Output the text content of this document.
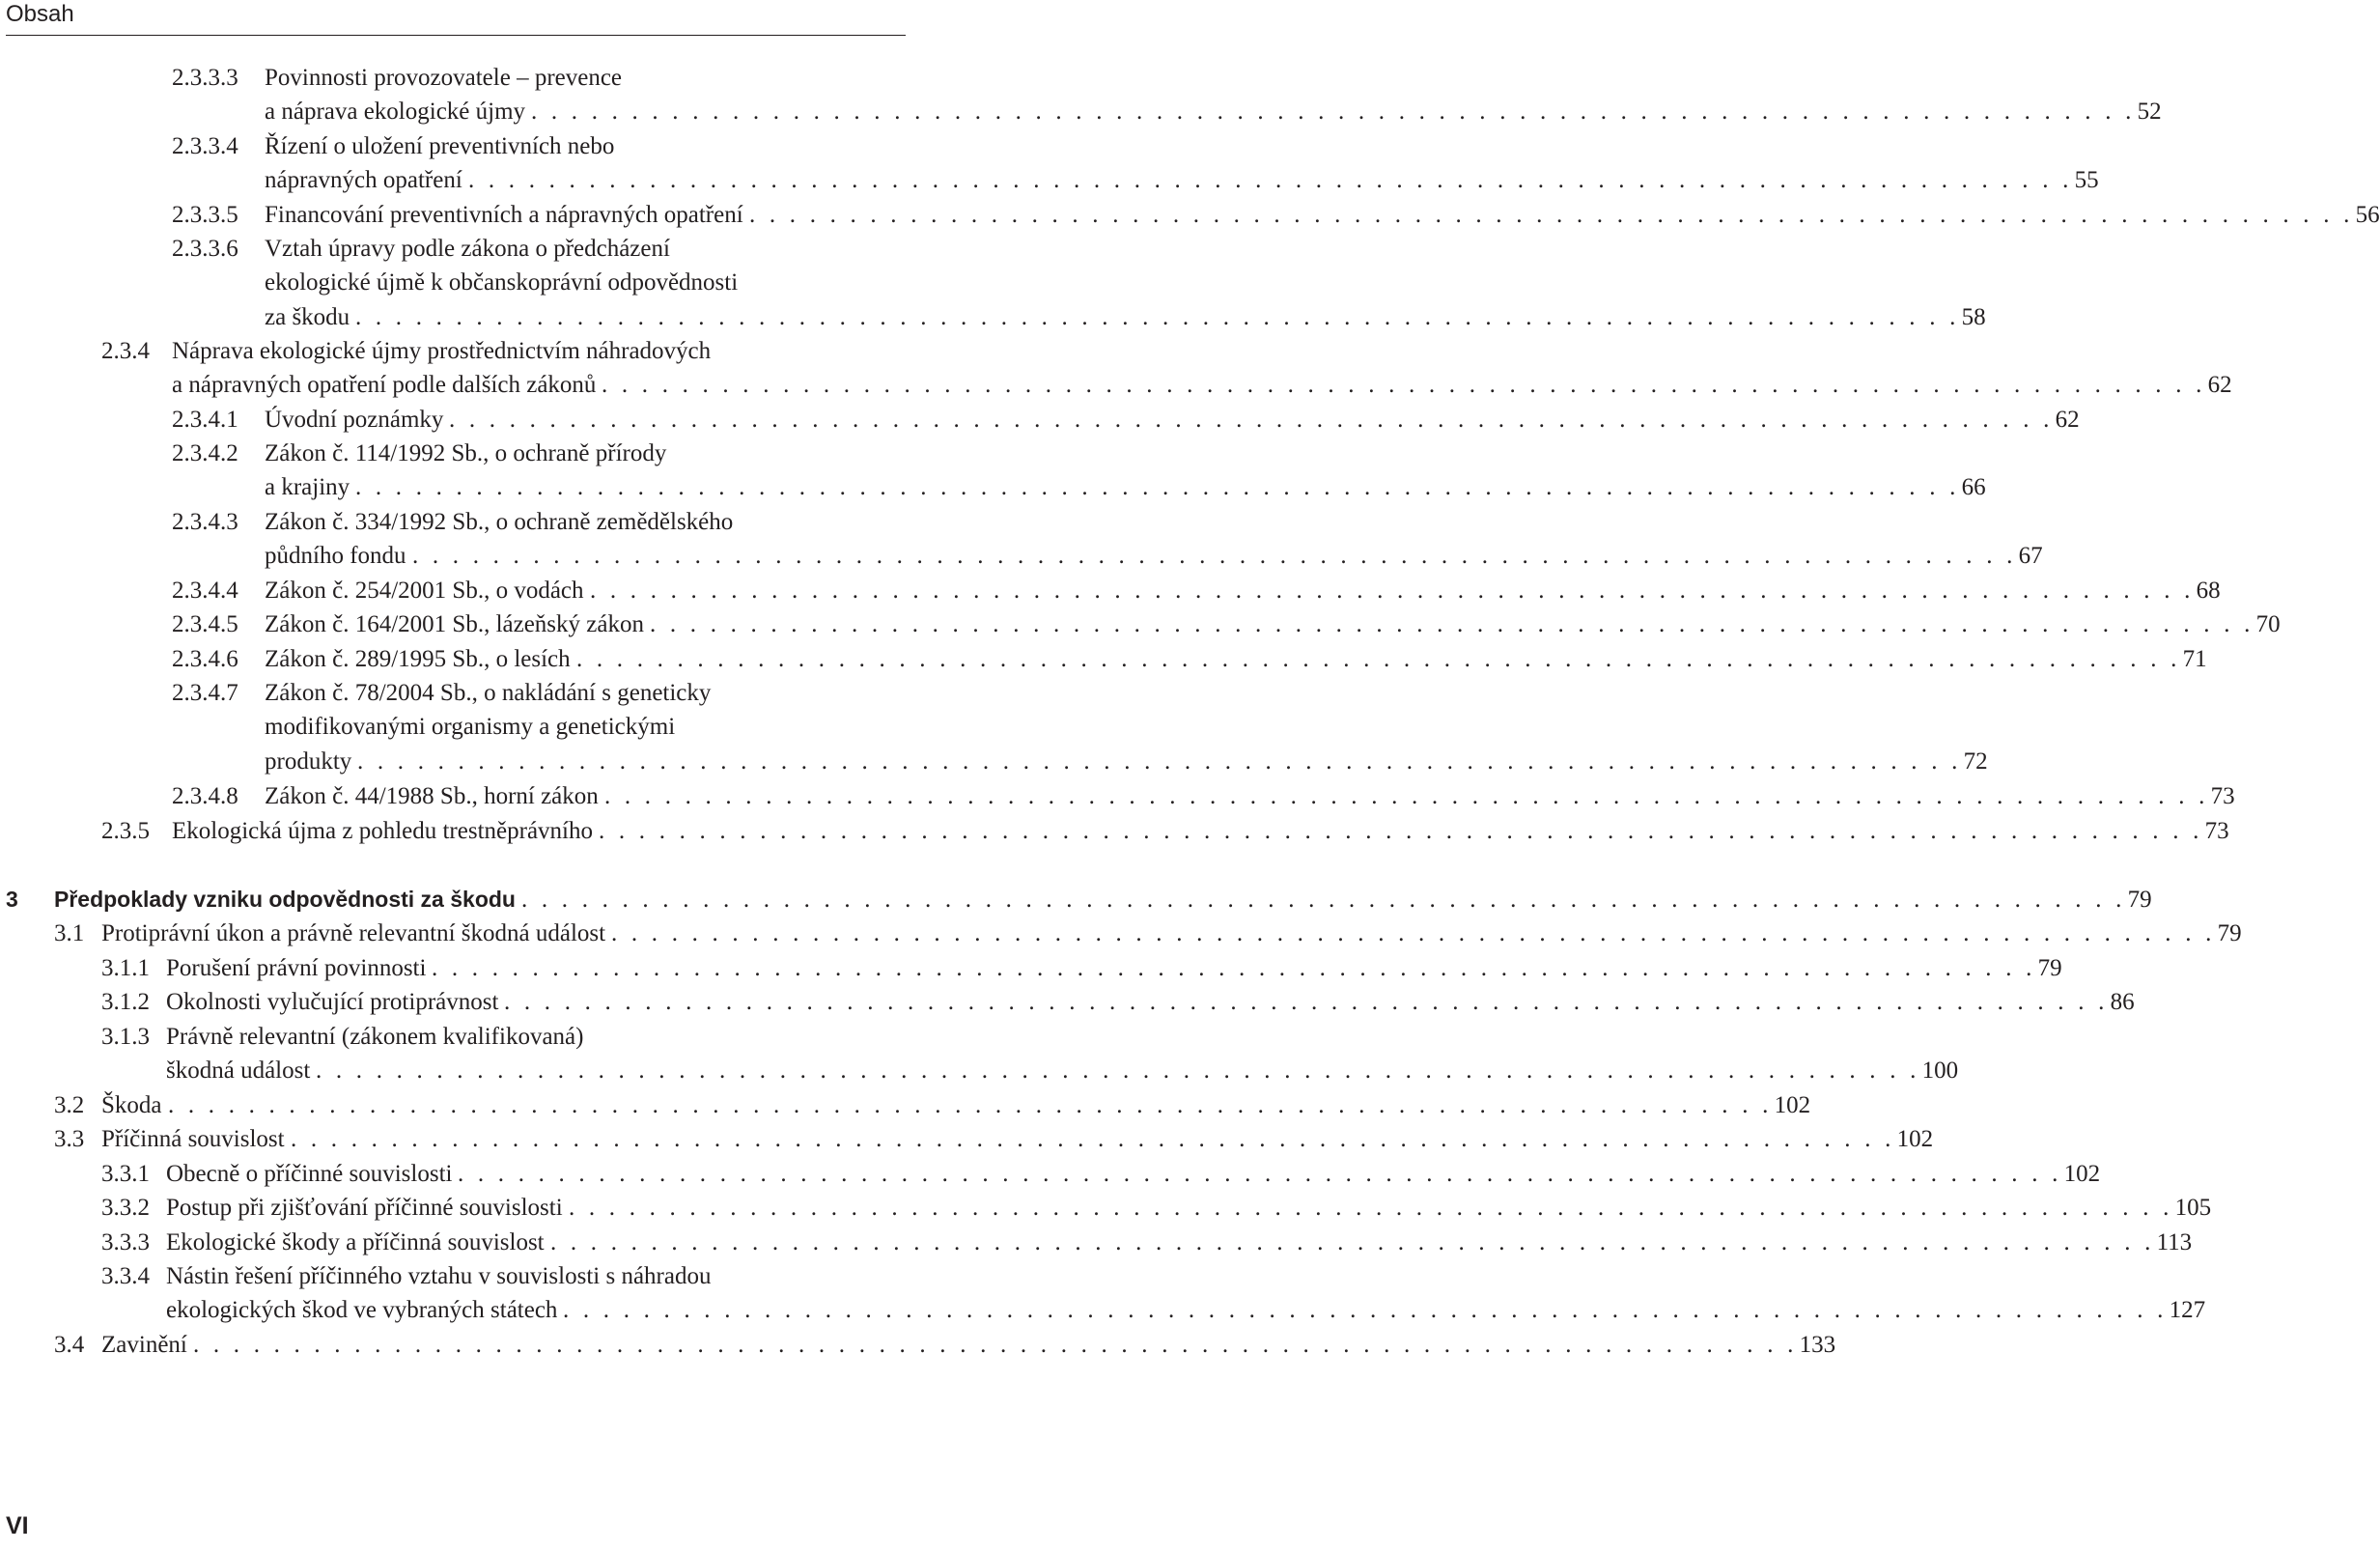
Obsah
2.3.3.3 Povinnosti provozovatele – prevence
a náprava ekologické újmy . . . . . . . . . . . . . . . . . . . . . . . . . . . . . . . . . . . . . . . . . . . . . . . . . . . . . . . . . . . . . . . . . . . . . . . . . . . . . . . . 52
2.3.3.4 Řízení o uložení preventivních nebo
nápravných opatření . . . . . . . . . . . . . . . . . . . . . . . . . . . . . . . . . . . . . . . . . . . . . . . . . . . . . . . . . . . . . . . . . . . . . . . . . . . . . . . . 55
2.3.3.5 Financování preventivních a nápravných opatření . . . . . . . . . . . . . . . . . . . . . . . . . . . . . . . . . . . . . . . . . . . . . . . . . . . . . . . . . . . . . . . . . . . . . . . . . . . . . . . . 56
2.3.3.6 Vztah úpravy podle zákona o předcházení
ekologické újmě k občanskoprávní odpovědnosti
za škodu . . . . . . . . . . . . . . . . . . . . . . . . . . . . . . . . . . . . . . . . . . . . . . . . . . . . . . . . . . . . . . . . . . . . . . . . . . . . . . . . 58
2.3.4 Náprava ekologické újmy prostřednictvím náhradových
a nápravných opatření podle dalších zákonů . . . . . . . . . . . . . . . . . . . . . . . . . . . . . . . . . . . . . . . . . . . . . . . . . . . . . . . . . . . . . . . . . . . . . . . . . . . . . . . . 62
2.3.4.1 Úvodní poznámky . . . . . . . . . . . . . . . . . . . . . . . . . . . . . . . . . . . . . . . . . . . . . . . . . . . . . . . . . . . . . . . . . . . . . . . . . . . . . . . . 62
2.3.4.2 Zákon č. 114/1992 Sb., o ochraně přírody
a krajiny . . . . . . . . . . . . . . . . . . . . . . . . . . . . . . . . . . . . . . . . . . . . . . . . . . . . . . . . . . . . . . . . . . . . . . . . . . . . . . . . 66
2.3.4.3 Zákon č. 334/1992 Sb., o ochraně zemědělského
půdního fondu . . . . . . . . . . . . . . . . . . . . . . . . . . . . . . . . . . . . . . . . . . . . . . . . . . . . . . . . . . . . . . . . . . . . . . . . . . . . . . . . 67
2.3.4.4 Zákon č. 254/2001 Sb., o vodách . . . . . . . . . . . . . . . . . . . . . . . . . . . . . . . . . . . . . . . . . . . . . . . . . . . . . . . . . . . . . . . . . . . . . . . . . . . . . . . . 68
2.3.4.5 Zákon č. 164/2001 Sb., lázeňský zákon . . . . . . . . . . . . . . . . . . . . . . . . . . . . . . . . . . . . . . . . . . . . . . . . . . . . . . . . . . . . . . . . . . . . . . . . . . . . . . . . 70
2.3.4.6 Zákon č. 289/1995 Sb., o lesích . . . . . . . . . . . . . . . . . . . . . . . . . . . . . . . . . . . . . . . . . . . . . . . . . . . . . . . . . . . . . . . . . . . . . . . . . . . . . . . . 71
2.3.4.7 Zákon č. 78/2004 Sb., o nakládání s geneticky
modifikovanými organismy a genetickými
produkty . . . . . . . . . . . . . . . . . . . . . . . . . . . . . . . . . . . . . . . . . . . . . . . . . . . . . . . . . . . . . . . . . . . . . . . . . . . . . . . . 72
2.3.4.8 Zákon č. 44/1988 Sb., horní zákon . . . . . . . . . . . . . . . . . . . . . . . . . . . . . . . . . . . . . . . . . . . . . . . . . . . . . . . . . . . . . . . . . . . . . . . . . . . . . . . . 73
2.3.5 Ekologická újma z pohledu trestněprávního . . . . . . . . . . . . . . . . . . . . . . . . . . . . . . . . . . . . . . . . . . . . . . . . . . . . . . . . . . . . . . . . . . . . . . . . . . . . . . . . 73
3 Předpoklady vzniku odpovědnosti za škodu . . . . . . . . . . . . . . . . . . . . . . . . . . . . . . . . . . . . . . . . . . . . . . . . . . . . . . . . . . . . . . . . . . . . . . . . . . . . . . . . 79
3.1 Protiprávní úkon a právně relevantní škodná událost . . . . . . . . . . . . . . . . . . . . . . . . . . . . . . . . . . . . . . . . . . . . . . . . . . . . . . . . . . . . . . . . . . . . . . . . . . . . . . . . 79
3.1.1 Porušení právní povinnosti . . . . . . . . . . . . . . . . . . . . . . . . . . . . . . . . . . . . . . . . . . . . . . . . . . . . . . . . . . . . . . . . . . . . . . . . . . . . . . . . 79
3.1.2 Okolnosti vylučující protiprávnost . . . . . . . . . . . . . . . . . . . . . . . . . . . . . . . . . . . . . . . . . . . . . . . . . . . . . . . . . . . . . . . . . . . . . . . . . . . . . . . . 86
3.1.3 Právně relevantní (zákonem kvalifikovaná)
škodná událost . . . . . . . . . . . . . . . . . . . . . . . . . . . . . . . . . . . . . . . . . . . . . . . . . . . . . . . . . . . . . . . . . . . . . . . . . . . . . . . . 100
3.2 Škoda . . . . . . . . . . . . . . . . . . . . . . . . . . . . . . . . . . . . . . . . . . . . . . . . . . . . . . . . . . . . . . . . . . . . . . . . . . . . . . . . 102
3.3 Příčinná souvislost . . . . . . . . . . . . . . . . . . . . . . . . . . . . . . . . . . . . . . . . . . . . . . . . . . . . . . . . . . . . . . . . . . . . . . . . . . . . . . . . 102
3.3.1 Obecně o příčinné souvislosti . . . . . . . . . . . . . . . . . . . . . . . . . . . . . . . . . . . . . . . . . . . . . . . . . . . . . . . . . . . . . . . . . . . . . . . . . . . . . . . . 102
3.3.2 Postup při zjišťování příčinné souvislosti . . . . . . . . . . . . . . . . . . . . . . . . . . . . . . . . . . . . . . . . . . . . . . . . . . . . . . . . . . . . . . . . . . . . . . . . . . . . . . . . 105
3.3.3 Ekologické škody a příčinná souvislost . . . . . . . . . . . . . . . . . . . . . . . . . . . . . . . . . . . . . . . . . . . . . . . . . . . . . . . . . . . . . . . . . . . . . . . . . . . . . . . . 113
3.3.4 Nástin řešení příčinného vztahu v souvislosti s náhradou
ekologických škod ve vybraných státech . . . . . . . . . . . . . . . . . . . . . . . . . . . . . . . . . . . . . . . . . . . . . . . . . . . . . . . . . . . . . . . . . . . . . . . . . . . . . . . . 127
3.4 Zavinění . . . . . . . . . . . . . . . . . . . . . . . . . . . . . . . . . . . . . . . . . . . . . . . . . . . . . . . . . . . . . . . . . . . . . . . . . . . . . . . . 133
VI
